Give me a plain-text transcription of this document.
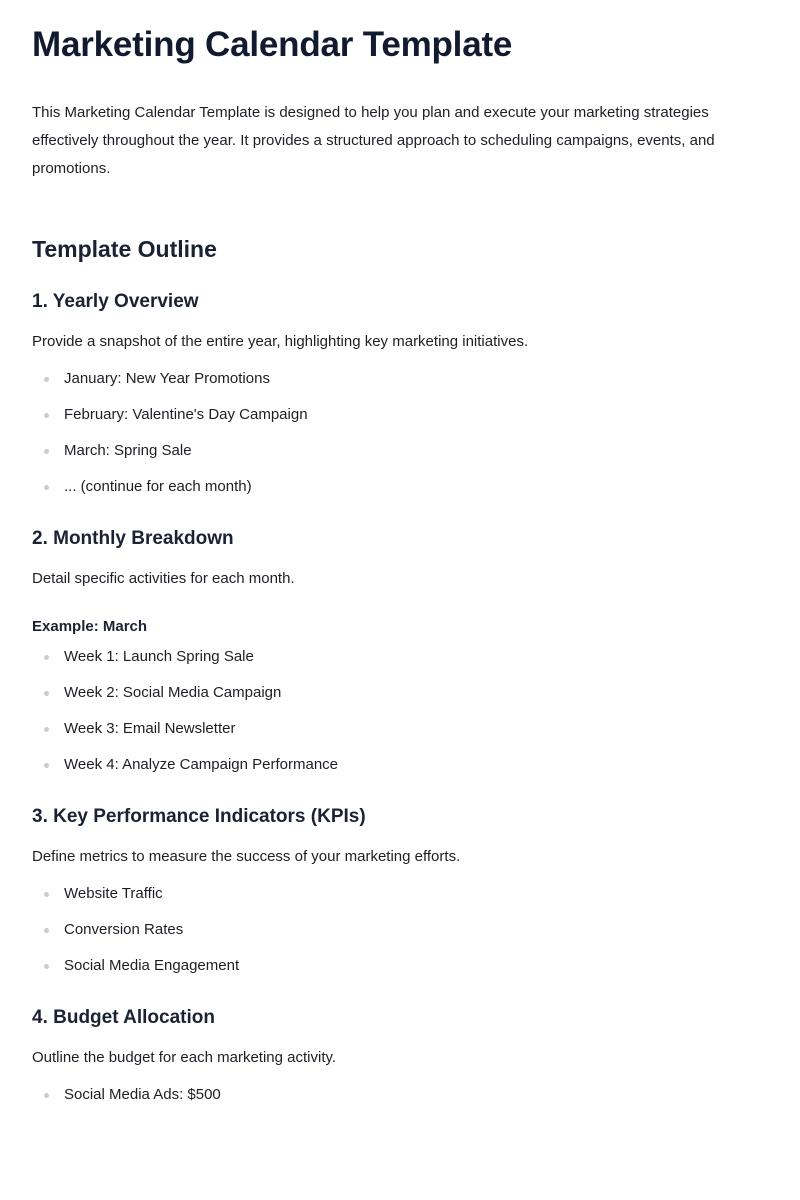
Marketing Calendar Template

This Marketing Calendar Template is designed to help you plan and execute your marketing strategies effectively throughout the year. It provides a structured approach to scheduling campaigns, events, and promotions.

Template Outline
1. Yearly Overview

Provide a snapshot of the entire year, highlighting key marketing initiatives.

January: New Year Promotions
February: Valentine's Day Campaign
March: Spring Sale
... (continue for each month)
2. Monthly Breakdown

Detail specific activities for each month.

Example: March

Week 1: Launch Spring Sale
Week 2: Social Media Campaign
Week 3: Email Newsletter
Week 4: Analyze Campaign Performance
3. Key Performance Indicators (KPIs)

Define metrics to measure the success of your marketing efforts.

Website Traffic
Conversion Rates
Social Media Engagement
4. Budget Allocation

Outline the budget for each marketing activity.

Social Media Ads: $500
